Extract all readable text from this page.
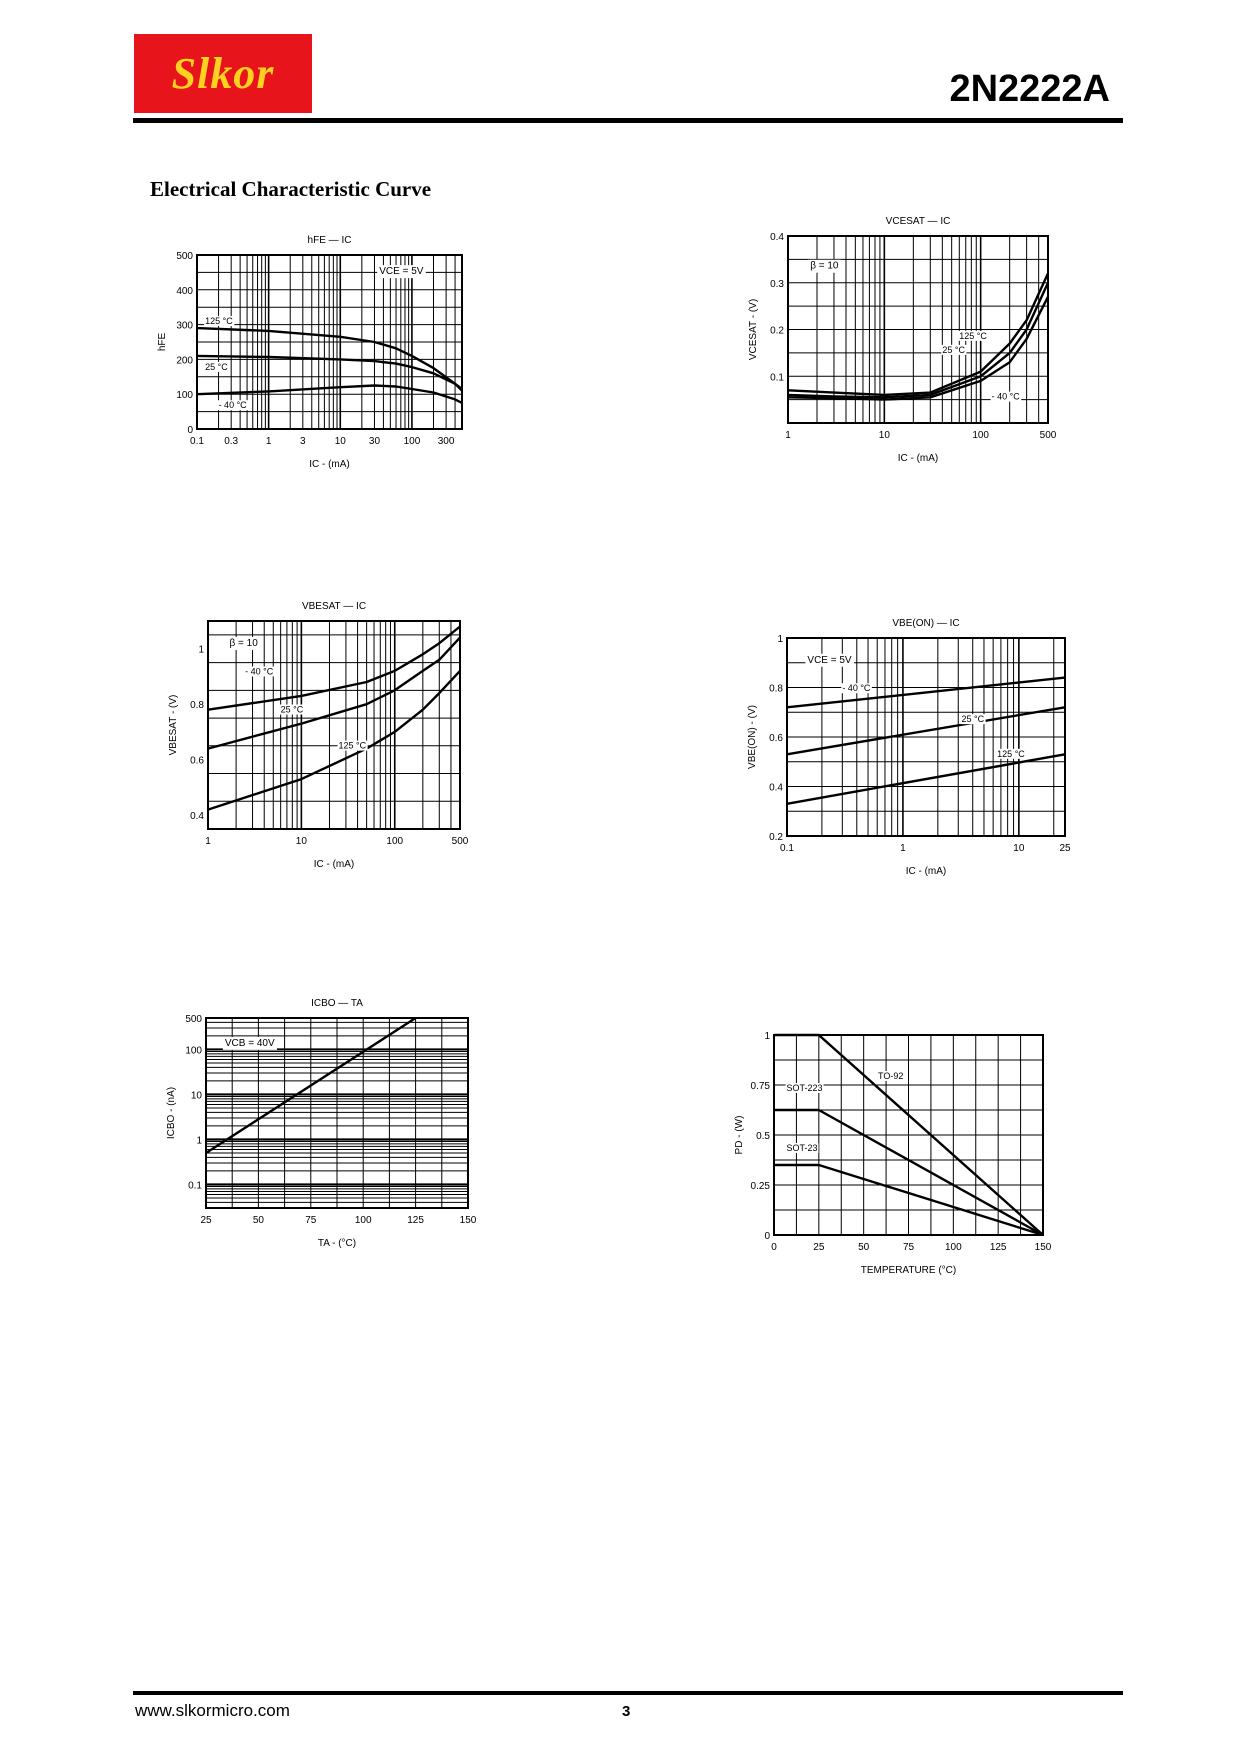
Slkor	2N2222A
Electrical Characteristic Curve
0.1 0.3	1	3	10 30 100 300
0
100
200
300
400
500
IC - (mA)
hFE
hFE — IC
125 °C
25 °C
- 40 °C
VCE = 5V
1	10	100	500
0.1
0.2
0.3
0.4
IC - (mA)
VCESAT - (V)
VCESAT — IC
125 °C
25 °C
- 40 °C
β = 10
1	10	100	500
0.4
0.6
0.8
1
IC - (mA)
VBESAT - (V)
VBESAT — IC
- 40 °C
25 °C
125 °C
β = 10
0.1	1	10	25
0.2
0.4
0.6
0.8
1
IC - (mA)
VBE(ON) - (V)
VBE(ON) — IC
- 40 °C
25 °C
125 °C
VCE = 5V
25	50	75	100	125	150
0.1
1
10
100
500
TA - (°C)
ICBO - (nA)
ICBO — TA
VCB = 40V
0	25	50	75	100	125	150
0
0.25
0.5
0.75
1
TEMPERATURE (°C)
PD - (W)
SOT-223
TO-92
SOT-23
www.slkormicro.com	3
